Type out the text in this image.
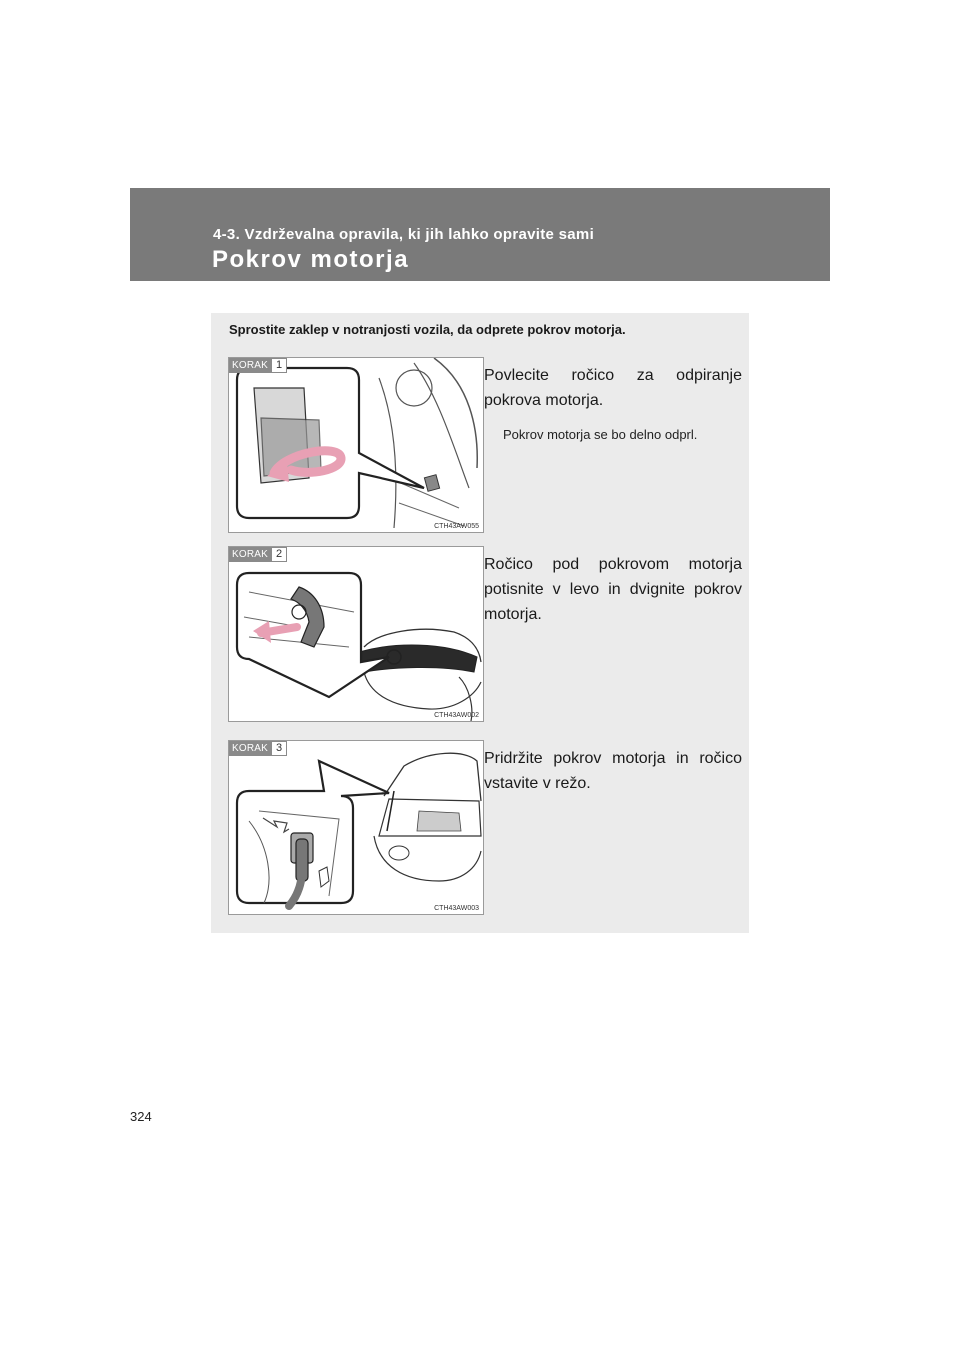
4-3. Vzdrževalna opravila, ki jih lahko opravite sami
Pokrov motorja
Sprostite zaklep v notranjosti vozila, da odprete pokrov motorja.
KORAK 1
CTH43AW055
Povlecite ročico za odpiranje pokrova motorja.
Pokrov motorja se bo delno odprl.
KORAK 2
CTH43AW002
Ročico pod pokrovom motorja potisnite v levo in dvignite pokrov motorja.
KORAK 3
CTH43AW003
Pridržite pokrov motorja in ročico vstavite v režo.
324
